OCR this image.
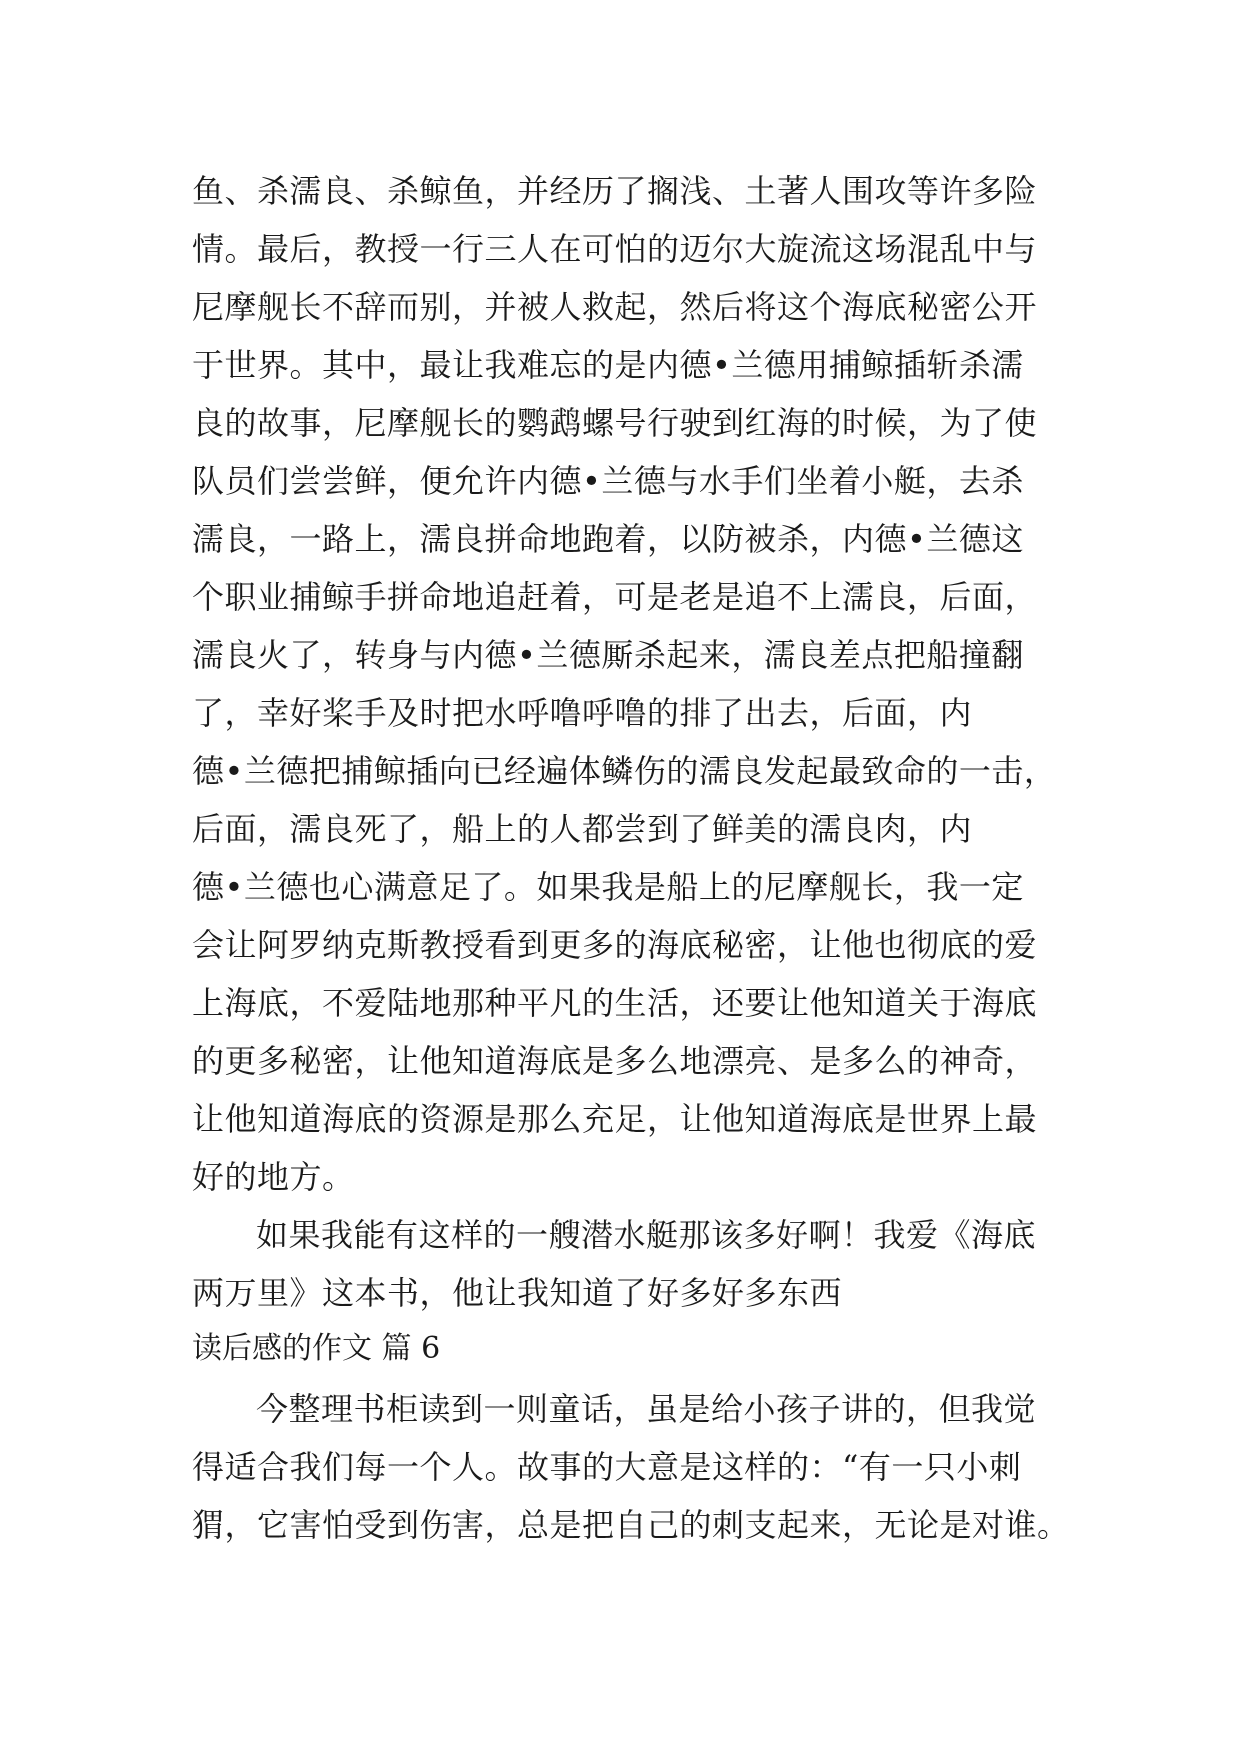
鱼、杀濡良、杀鲸鱼，并经历了搁浅、土著人围攻等许多险
情。最后，教授一行三人在可怕的迈尔大旋流这场混乱中与
尼摩舰长不辞而别，并被人救起，然后将这个海底秘密公开
于世界。其中，最让我难忘的是内德•兰德用捕鲸插斩杀濡
良的故事，尼摩舰长的鹦鹉螺号行驶到红海的时候，为了使
队员们尝尝鲜，便允许内德•兰德与水手们坐着小艇，去杀
濡良，一路上，濡良拼命地跑着，以防被杀，内德•兰德这
个职业捕鲸手拼命地追赶着，可是老是追不上濡良，后面，
濡良火了，转身与内德•兰德厮杀起来，濡良差点把船撞翻
了，幸好桨手及时把水呼噜呼噜的排了出去，后面，内
德•兰德把捕鲸插向已经遍体鳞伤的濡良发起最致命的一击，
后面，濡良死了，船上的人都尝到了鲜美的濡良肉，内
德•兰德也心满意足了。如果我是船上的尼摩舰长，我一定
会让阿罗纳克斯教授看到更多的海底秘密，让他也彻底的爱
上海底，不爱陆地那种平凡的生活，还要让他知道关于海底
的更多秘密，让他知道海底是多么地漂亮、是多么的神奇，
让他知道海底的资源是那么充足，让他知道海底是世界上最
好的地方。
如果我能有这样的一艘潜水艇那该多好啊！我爱《海底
两万里》这本书，他让我知道了好多好多东西
读后感的作文 篇 6
今整理书柜读到一则童话，虽是给小孩子讲的，但我觉
得适合我们每一个人。故事的大意是这样的：“有一只小刺
猬，它害怕受到伤害，总是把自己的刺支起来，无论是对谁。
